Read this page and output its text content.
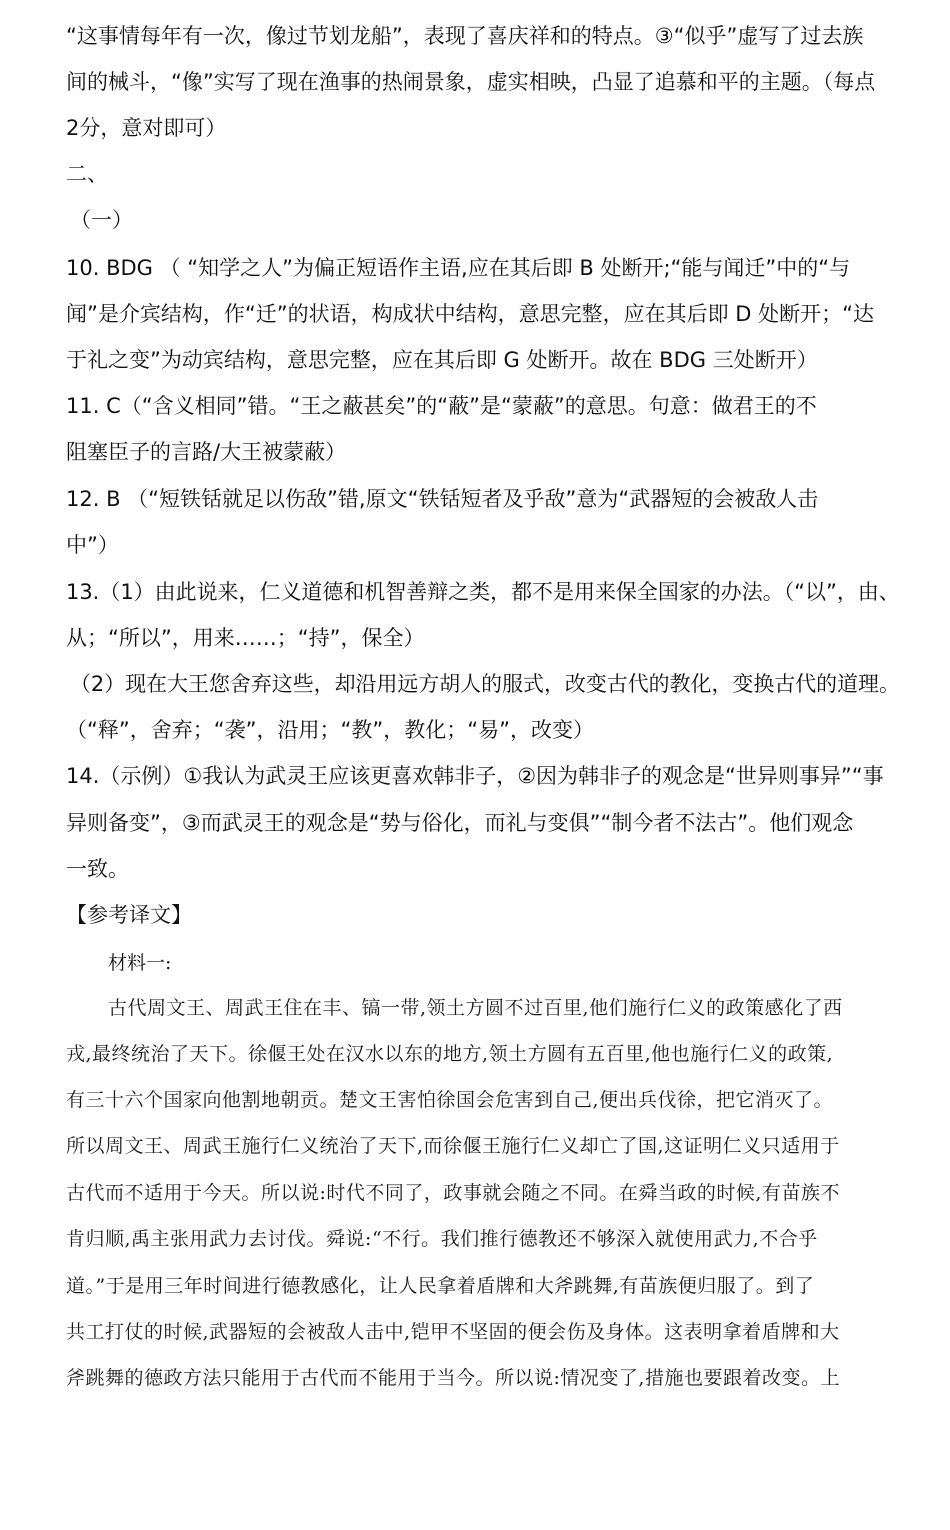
“这事情每年有一次，像过节划龙船”，表现了喜庆祥和的特点。③“似乎”虚写了过去族
间的械斗，“像”实写了现在渔事的热闹景象，虚实相映，凸显了追慕和平的主题。（每点
2分，意对即可）
二、
（一）
10. BDG （ “知学之人”为偏正短语作主语,应在其后即 B 处断开;“能与闻迁”中的“与
闻”是介宾结构，作“迁”的状语，构成状中结构，意思完整，应在其后即 D 处断开；“达
于礼之变”为动宾结构，意思完整，应在其后即 G 处断开。故在 BDG 三处断开）
11. C（“含义相同”错。“王之蔽甚矣”的“蔽”是“蒙蔽”的意思。句意：做君王的不
阻塞臣子的言路/大王被蒙蔽）
12. B （“短铁铦就足以伤敌”错,原文“铁铦短者及乎敌”意为“武器短的会被敌人击
中”）
13.（1）由此说来，仁义道德和机智善辩之类，都不是用来保全国家的办法。（“以”，由、
从；“所以”，用来……；“持”，保全）
（2）现在大王您舍弃这些，却沿用远方胡人的服式，改变古代的教化，变换古代的道理。
（“释”，舍弃；“袭”，沿用；“教”，教化；“易”，改变）
14.（示例）①我认为武灵王应该更喜欢韩非子，②因为韩非子的观念是“世异则事异”“事
异则备变”，③而武灵王的观念是“势与俗化，而礼与变俱”“制今者不法古”。他们观念
一致。
【参考译文】
材料一:
古代周文王、周武王住在丰、镐一带,领土方圆不过百里,他们施行仁义的政策感化了西
戎,最终统治了天下。徐偃王处在汉水以东的地方,领土方圆有五百里,他也施行仁义的政策,
有三十六个国家向他割地朝贡。楚文王害怕徐国会危害到自己,便出兵伐徐，把它消灭了。
所以周文王、周武王施行仁义统治了天下,而徐偃王施行仁义却亡了国,这证明仁义只适用于
古代而不适用于今天。所以说:时代不同了，政事就会随之不同。在舜当政的时候,有苗族不
肯归顺,禹主张用武力去讨伐。舜说:“不行。我们推行德教还不够深入就使用武力,不合乎
道。”于是用三年时间进行德教感化，让人民拿着盾牌和大斧跳舞,有苗族便归服了。到了
共工打仗的时候,武器短的会被敌人击中,铠甲不坚固的便会伤及身体。这表明拿着盾牌和大
斧跳舞的德政方法只能用于古代而不能用于当今。所以说:情况变了,措施也要跟着改变。上
